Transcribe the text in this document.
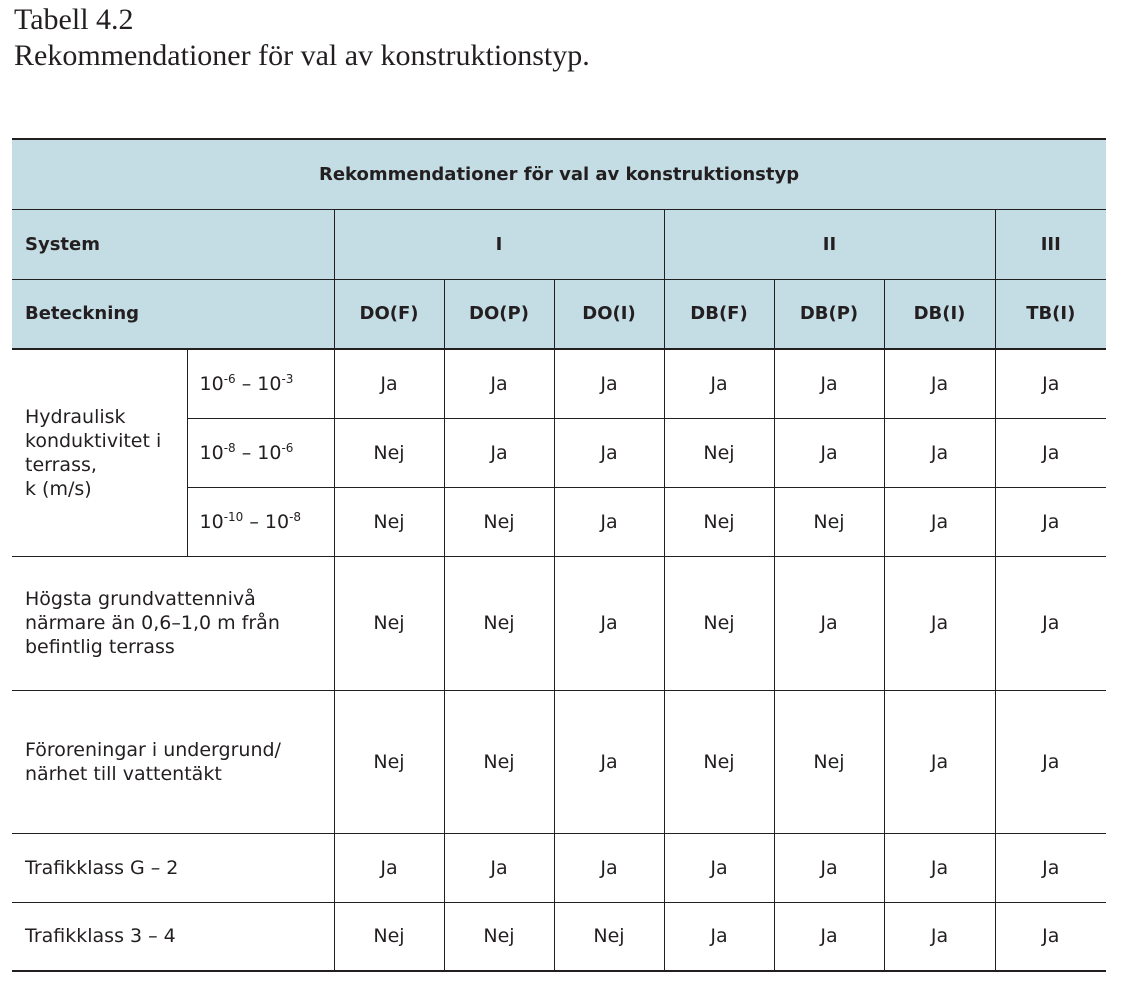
Tabell 4.2
Rekommendationer för val av konstruktionstyp.
Rekommendationer för val av konstruktionstyp								
System		I			II			III
Beteckning		DO(F)	DO(P)	DO(I)	DB(F)	DB(P)	DB(I)	TB(I)

Hydraulisk
konduktivitet i
terrass,
k (m/s)	$10^{-6} - 10^{-3}$	Ja	Ja	Ja	Ja	Ja	Ja	Ja
	$10^{-8} - 10^{-6}$	Nej	Ja	Ja	Nej	Ja	Ja	Ja
	$10^{-10} - 10^{-8}$	Nej	Nej	Ja	Nej	Nej	Ja	Ja

Högsta grundvattennivå
närmare än 0,6–1,0 m från
befintlig terrass		Nej	Nej	Ja	Nej	Ja	Ja	Ja

Föroreningar i undergrund/
närhet till vattentäkt		Nej	Nej	Ja	Nej	Nej	Ja	Ja
Trafikklass G – 2		Ja	Ja	Ja	Ja	Ja	Ja	Ja
Trafikklass 3 – 4		Nej	Nej	Nej	Ja	Ja	Ja	Ja
